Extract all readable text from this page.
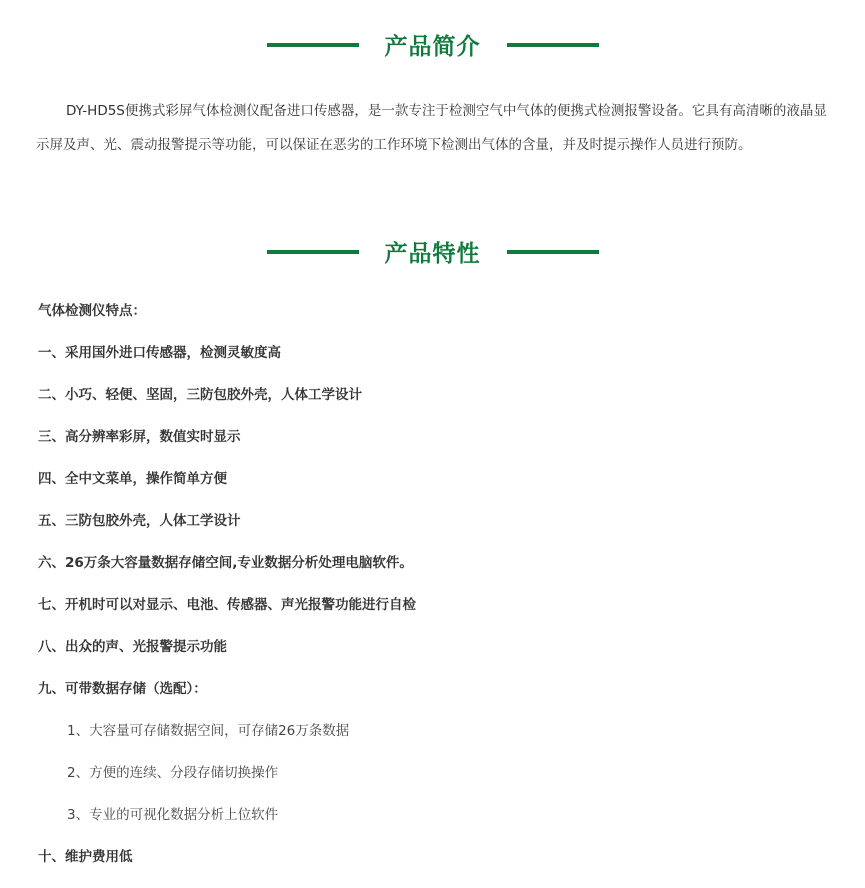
产品简介

DY-HD5S便携式彩屏气体检测仪配备进口传感器，是一款专注于检测空气中气体的便携式检测报警设备。它具有高清晰的液晶显示屏及声、光、震动报警提示等功能，可以保证在恶劣的工作环境下检测出气体的含量，并及时提示操作人员进行预防。

产品特性
气体检测仪特点：
一、采用国外进口传感器，检测灵敏度高
二、小巧、轻便、坚固，三防包胶外壳，人体工学设计
三、高分辨率彩屏，数值实时显示
四、全中文菜单，操作简单方便
五、三防包胶外壳，人体工学设计
六、26万条大容量数据存储空间,专业数据分析处理电脑软件。
七、开机时可以对显示、电池、传感器、声光报警功能进行自检
八、出众的声、光报警提示功能
九、可带数据存储（选配）：
1、大容量可存储数据空间，可存储26万条数据
2、方便的连续、分段存储切换操作
3、专业的可视化数据分析上位软件
十、维护费用低
